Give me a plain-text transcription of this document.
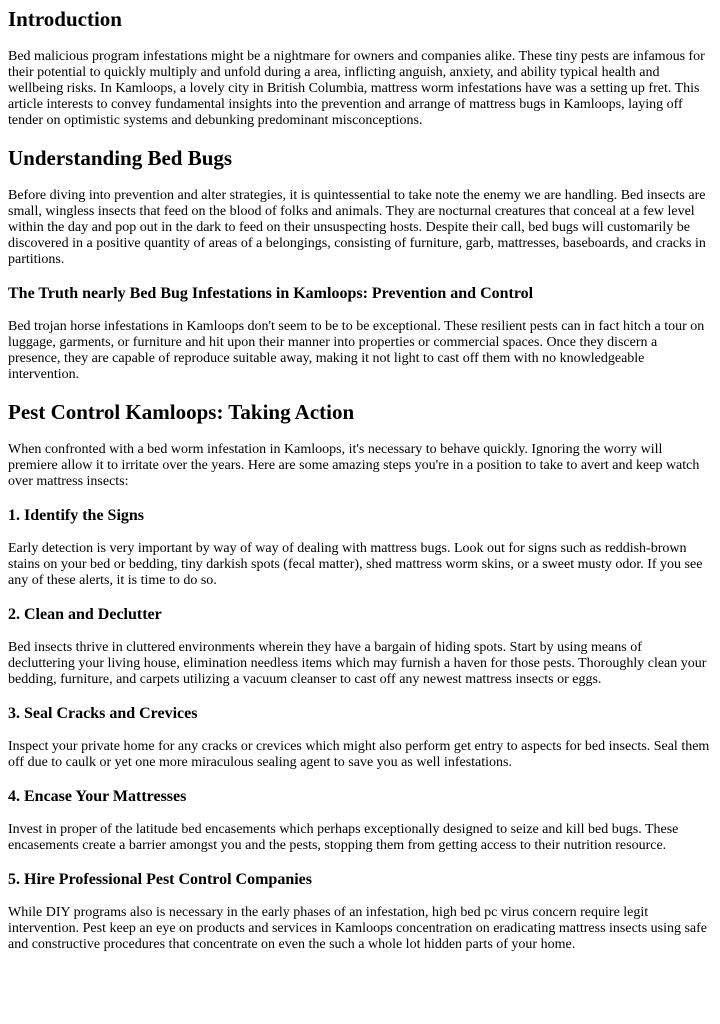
Introduction

Bed malicious program infestations might be a nightmare for owners and companies alike. These tiny pests are infamous for their potential to quickly multiply and unfold during a area, inflicting anguish, anxiety, and ability typical health and wellbeing risks. In Kamloops, a lovely city in British Columbia, mattress worm infestations have was a setting up fret. This article interests to convey fundamental insights into the prevention and arrange of mattress bugs in Kamloops, laying off tender on optimistic systems and debunking predominant misconceptions.

Understanding Bed Bugs

Before diving into prevention and alter strategies, it is quintessential to take note the enemy we are handling. Bed insects are small, wingless insects that feed on the blood of folks and animals. They are nocturnal creatures that conceal at a few level within the day and pop out in the dark to feed on their unsuspecting hosts. Despite their call, bed bugs will customarily be discovered in a positive quantity of areas of a belongings, consisting of furniture, garb, mattresses, baseboards, and cracks in partitions.

The Truth nearly Bed Bug Infestations in Kamloops: Prevention and Control

Bed trojan horse infestations in Kamloops don't seem to be to be exceptional. These resilient pests can in fact hitch a tour on luggage, garments, or furniture and hit upon their manner into properties or commercial spaces. Once they discern a presence, they are capable of reproduce suitable away, making it not light to cast off them with no knowledgeable intervention.

Pest Control Kamloops: Taking Action

When confronted with a bed worm infestation in Kamloops, it's necessary to behave quickly. Ignoring the worry will premiere allow it to irritate over the years. Here are some amazing steps you're in a position to take to avert and keep watch over mattress insects:

1. Identify the Signs

Early detection is very important by way of way of dealing with mattress bugs. Look out for signs such as reddish-brown stains on your bed or bedding, tiny darkish spots (fecal matter), shed mattress worm skins, or a sweet musty odor. If you see any of these alerts, it is time to do so.

2. Clean and Declutter

Bed insects thrive in cluttered environments wherein they have a bargain of hiding spots. Start by using means of decluttering your living house, elimination needless items which may furnish a haven for those pests. Thoroughly clean your bedding, furniture, and carpets utilizing a vacuum cleanser to cast off any newest mattress insects or eggs.

3. Seal Cracks and Crevices

Inspect your private home for any cracks or crevices which might also perform get entry to aspects for bed insects. Seal them off due to caulk or yet one more miraculous sealing agent to save you as well infestations.

4. Encase Your Mattresses

Invest in proper of the latitude bed encasements which perhaps exceptionally designed to seize and kill bed bugs. These encasements create a barrier amongst you and the pests, stopping them from getting access to their nutrition resource.

5. Hire Professional Pest Control Companies

While DIY programs also is necessary in the early phases of an infestation, high bed pc virus concern require legit intervention. Pest keep an eye on products and services in Kamloops concentration on eradicating mattress insects using safe and constructive procedures that concentrate on even the such a whole lot hidden parts of your home.
